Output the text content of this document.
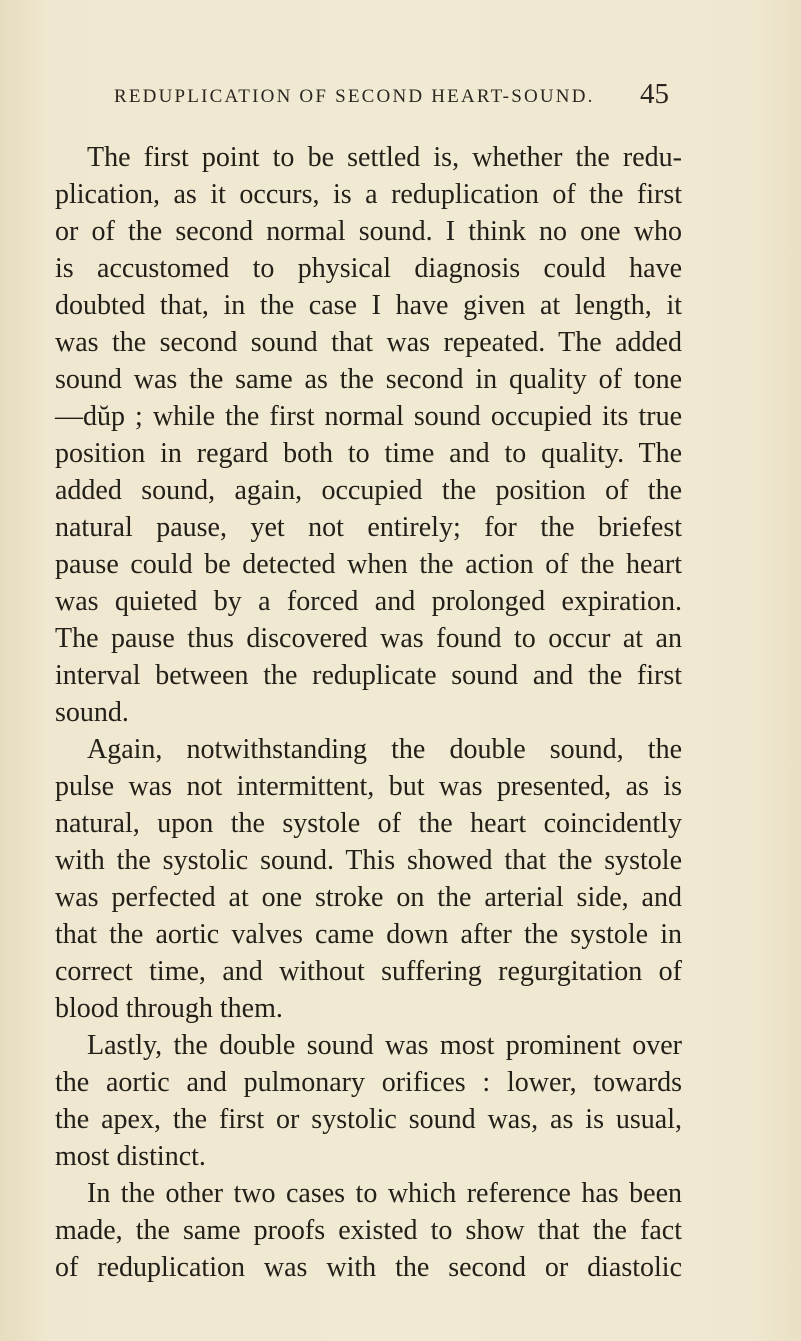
REDUPLICATION OF SECOND HEART-SOUND. 45
The first point to be settled is, whether the redu-
plication, as it occurs, is a reduplication of the first
or of the second normal sound. I think no one who
is accustomed to physical diagnosis could have
doubted that, in the case I have given at length, it
was the second sound that was repeated. The added
sound was the same as the second in quality of tone
—dŭp ; while the first normal sound occupied its true
position in regard both to time and to quality. The
added sound, again, occupied the position of the
natural pause, yet not entirely; for the briefest
pause could be detected when the action of the heart
was quieted by a forced and prolonged expiration.
The pause thus discovered was found to occur at an
interval between the reduplicate sound and the first
sound.
Again, notwithstanding the double sound, the
pulse was not intermittent, but was presented, as is
natural, upon the systole of the heart coincidently
with the systolic sound. This showed that the systole
was perfected at one stroke on the arterial side, and
that the aortic valves came down after the systole in
correct time, and without suffering regurgitation of
blood through them.
Lastly, the double sound was most prominent over
the aortic and pulmonary orifices : lower, towards
the apex, the first or systolic sound was, as is usual,
most distinct.
In the other two cases to which reference has been
made, the same proofs existed to show that the fact
of reduplication was with the second or diastolic
